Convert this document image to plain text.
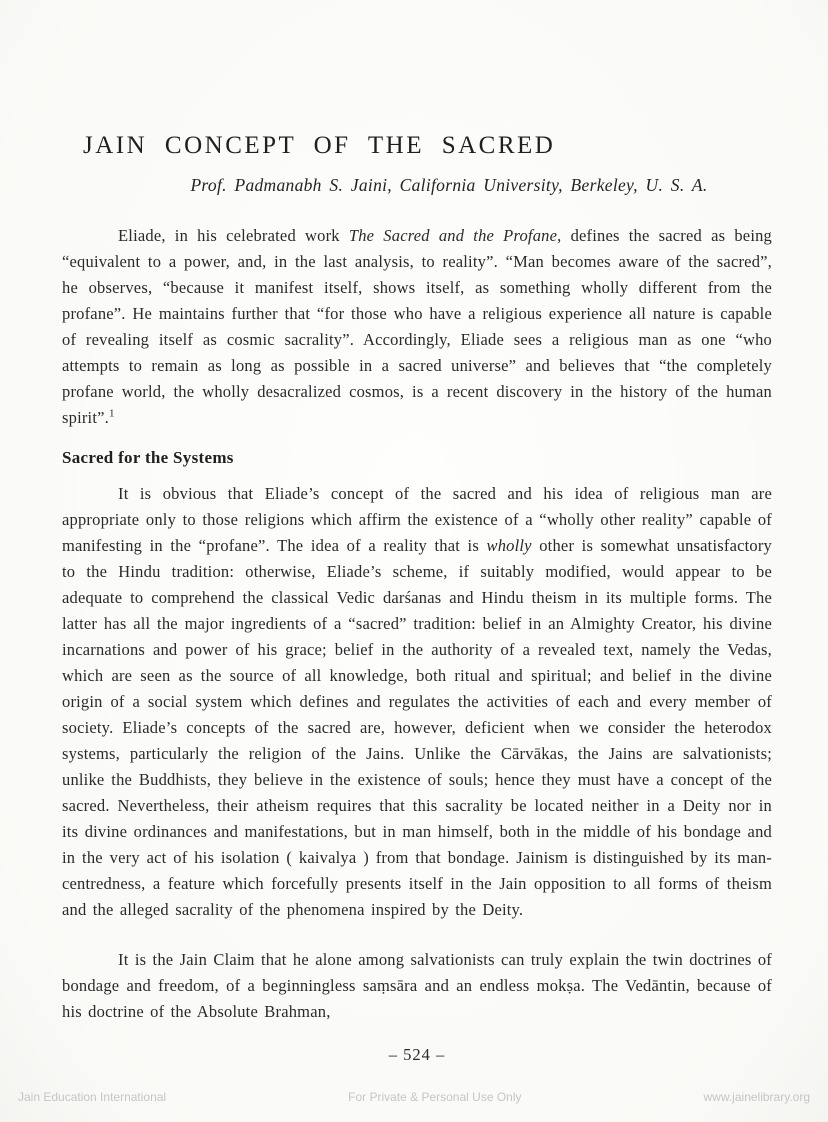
JAIN CONCEPT OF THE SACRED

Prof. Padmanabh S. Jaini, California University, Berkeley, U. S. A.

Eliade, in his celebrated work The Sacred and the Profane, defines the sacred as being “equivalent to a power, and, in the last analysis, to reality”. “Man becomes aware of the sacred”, he observes, “because it manifest itself, shows itself, as something wholly different from the profane”. He maintains further that “for those who have a religious experience all nature is capable of revealing itself as cosmic sacrality”. Accordingly, Eliade sees a religious man as one “who attempts to remain as long as possible in a sacred universe” and believes that “the completely profane world, the wholly desacralized cosmos, is a recent discovery in the history of the human spirit”.$^1$

Sacred for the Systems

It is obvious that Eliade’s concept of the sacred and his idea of religious man are appropriate only to those religions which affirm the existence of a “wholly other reality” capable of manifesting in the “profane”. The idea of a reality that is wholly other is somewhat unsatisfactory to the Hindu tradition: otherwise, Eliade’s scheme, if suitably modified, would appear to be adequate to comprehend the classical Vedic darśanas and Hindu theism in its multiple forms. The latter has all the major ingredients of a “sacred” tradition: belief in an Almighty Creator, his divine incarnations and power of his grace; belief in the authority of a revealed text, namely the Vedas, which are seen as the source of all knowledge, both ritual and spiritual; and belief in the divine origin of a social system which defines and regulates the activities of each and every member of society. Eliade’s concepts of the sacred are, however, deficient when we consider the heterodox systems, particularly the religion of the Jains. Unlike the Cārvākas, the Jains are salvationists; unlike the Buddhists, they believe in the existence of souls; hence they must have a concept of the sacred. Nevertheless, their atheism requires that this sacrality be located neither in a Deity nor in its divine ordinances and manifestations, but in man himself, both in the middle of his bondage and in the very act of his isolation ( kaivalya ) from that bondage. Jainism is distinguished by its man-centredness, a feature which forcefully presents itself in the Jain opposition to all forms of theism and the alleged sacrality of the phenomena inspired by the Deity.

It is the Jain Claim that he alone among salvationists can truly explain the twin doctrines of bondage and freedom, of a beginningless saṃsāra and an endless mokṣa. The Vedāntin, because of his doctrine of the Absolute Brahman,

– 524 –
Jain Education International	For Private & Personal Use Only	www.jainelibrary.org
